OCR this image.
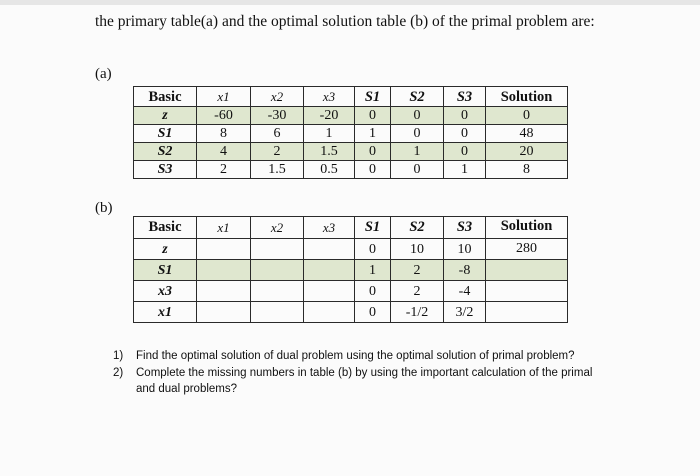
the primary table(a) and the optimal solution table (b) of the primal problem are:
(a)
Basic	x1	x2	x3	S1	S2	S3	Solution
z	-60	-30	-20	0	0	0	0
S1	8	6	1	1	0	0	48
S2	4	2	1.5	0	1	0	20
S3	2	1.5	0.5	0	0	1	8
(b)
Basic	x1	x2	x3	S1	S2	S3	Solution
z				0	10	10	280
S1				1	2	-8	
x3				0	2	-4	
x1				0	-1/2	3/2	
1) Find the optimal solution of dual problem using the optimal solution of primal problem?
2) Complete the missing numbers in table (b) by using the important calculation of the primal and dual problems?
